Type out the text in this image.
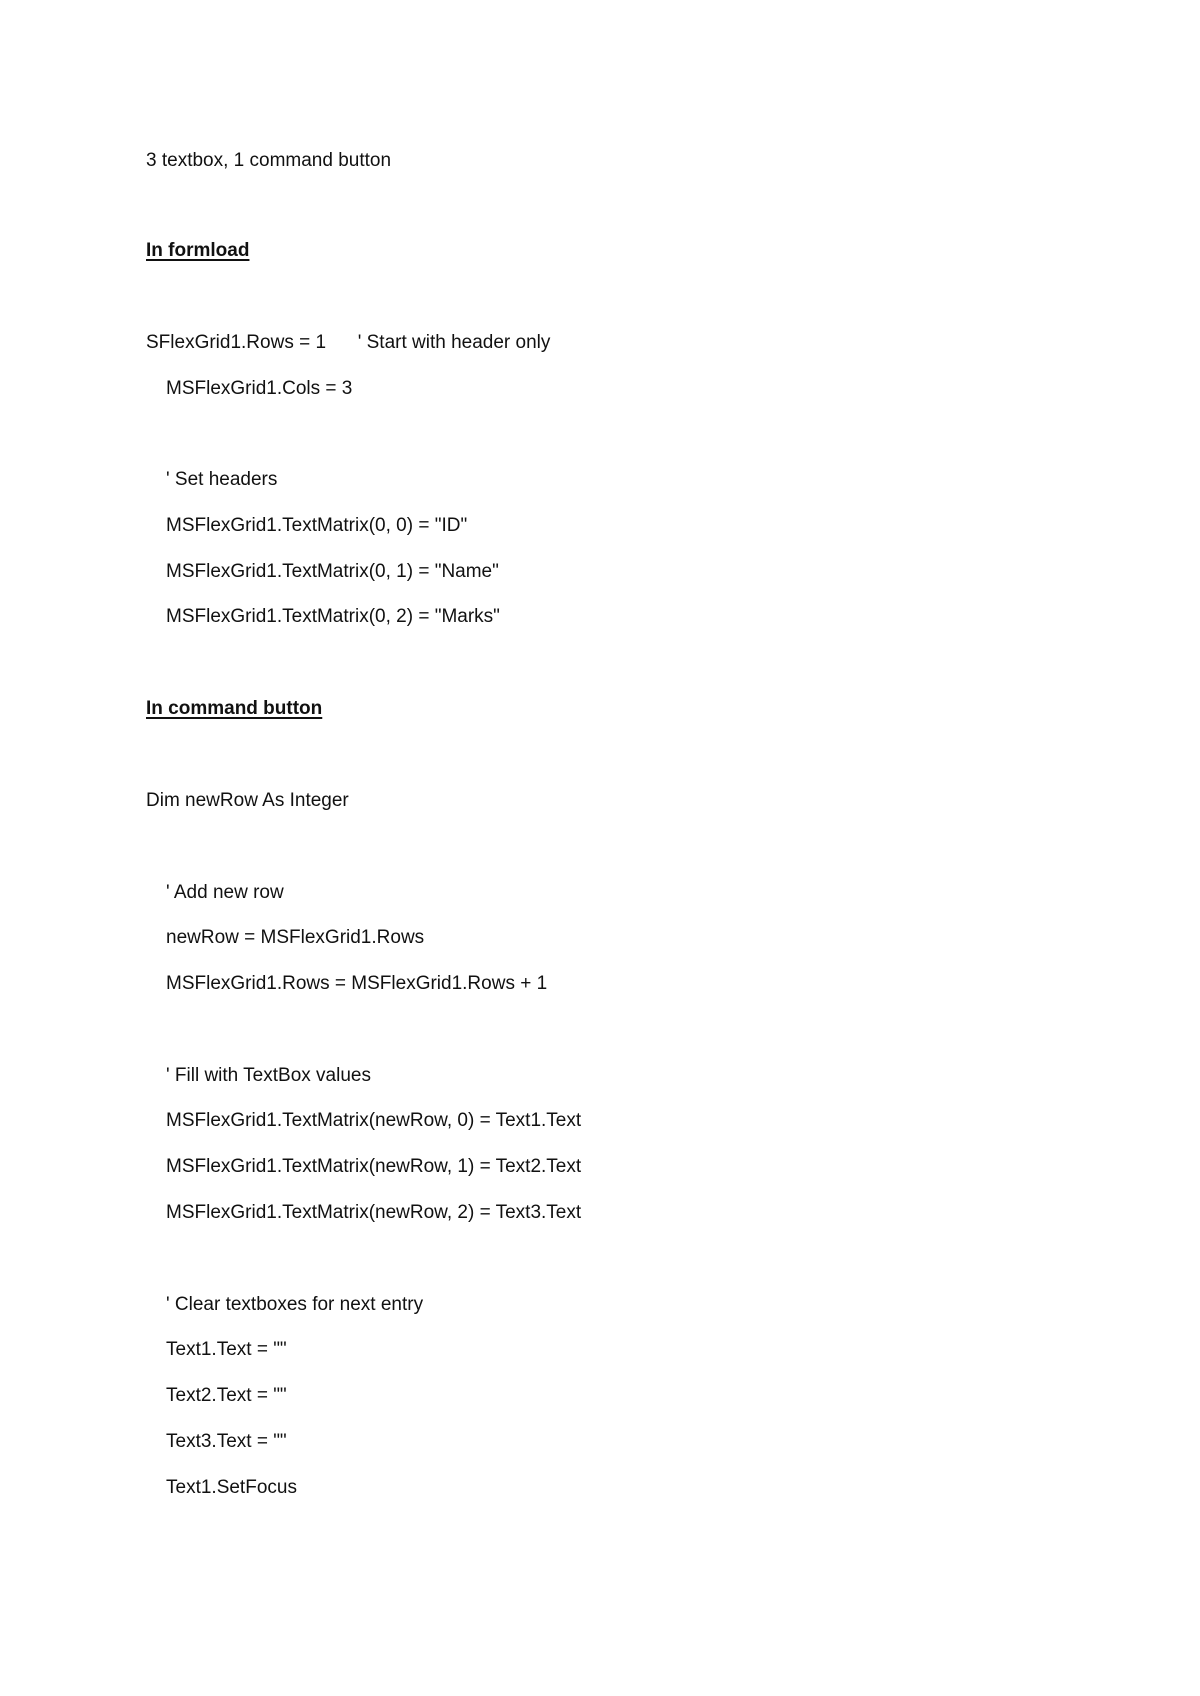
3 textbox, 1 command button
In formload
SFlexGrid1.Rows = 1      ' Start with header only
MSFlexGrid1.Cols = 3
' Set headers
MSFlexGrid1.TextMatrix(0, 0) = "ID"
MSFlexGrid1.TextMatrix(0, 1) = "Name"
MSFlexGrid1.TextMatrix(0, 2) = "Marks"
In command button
Dim newRow As Integer
' Add new row
newRow = MSFlexGrid1.Rows
MSFlexGrid1.Rows = MSFlexGrid1.Rows + 1
' Fill with TextBox values
MSFlexGrid1.TextMatrix(newRow, 0) = Text1.Text
MSFlexGrid1.TextMatrix(newRow, 1) = Text2.Text
MSFlexGrid1.TextMatrix(newRow, 2) = Text3.Text
' Clear textboxes for next entry
Text1.Text = ""
Text2.Text = ""
Text3.Text = ""
Text1.SetFocus
